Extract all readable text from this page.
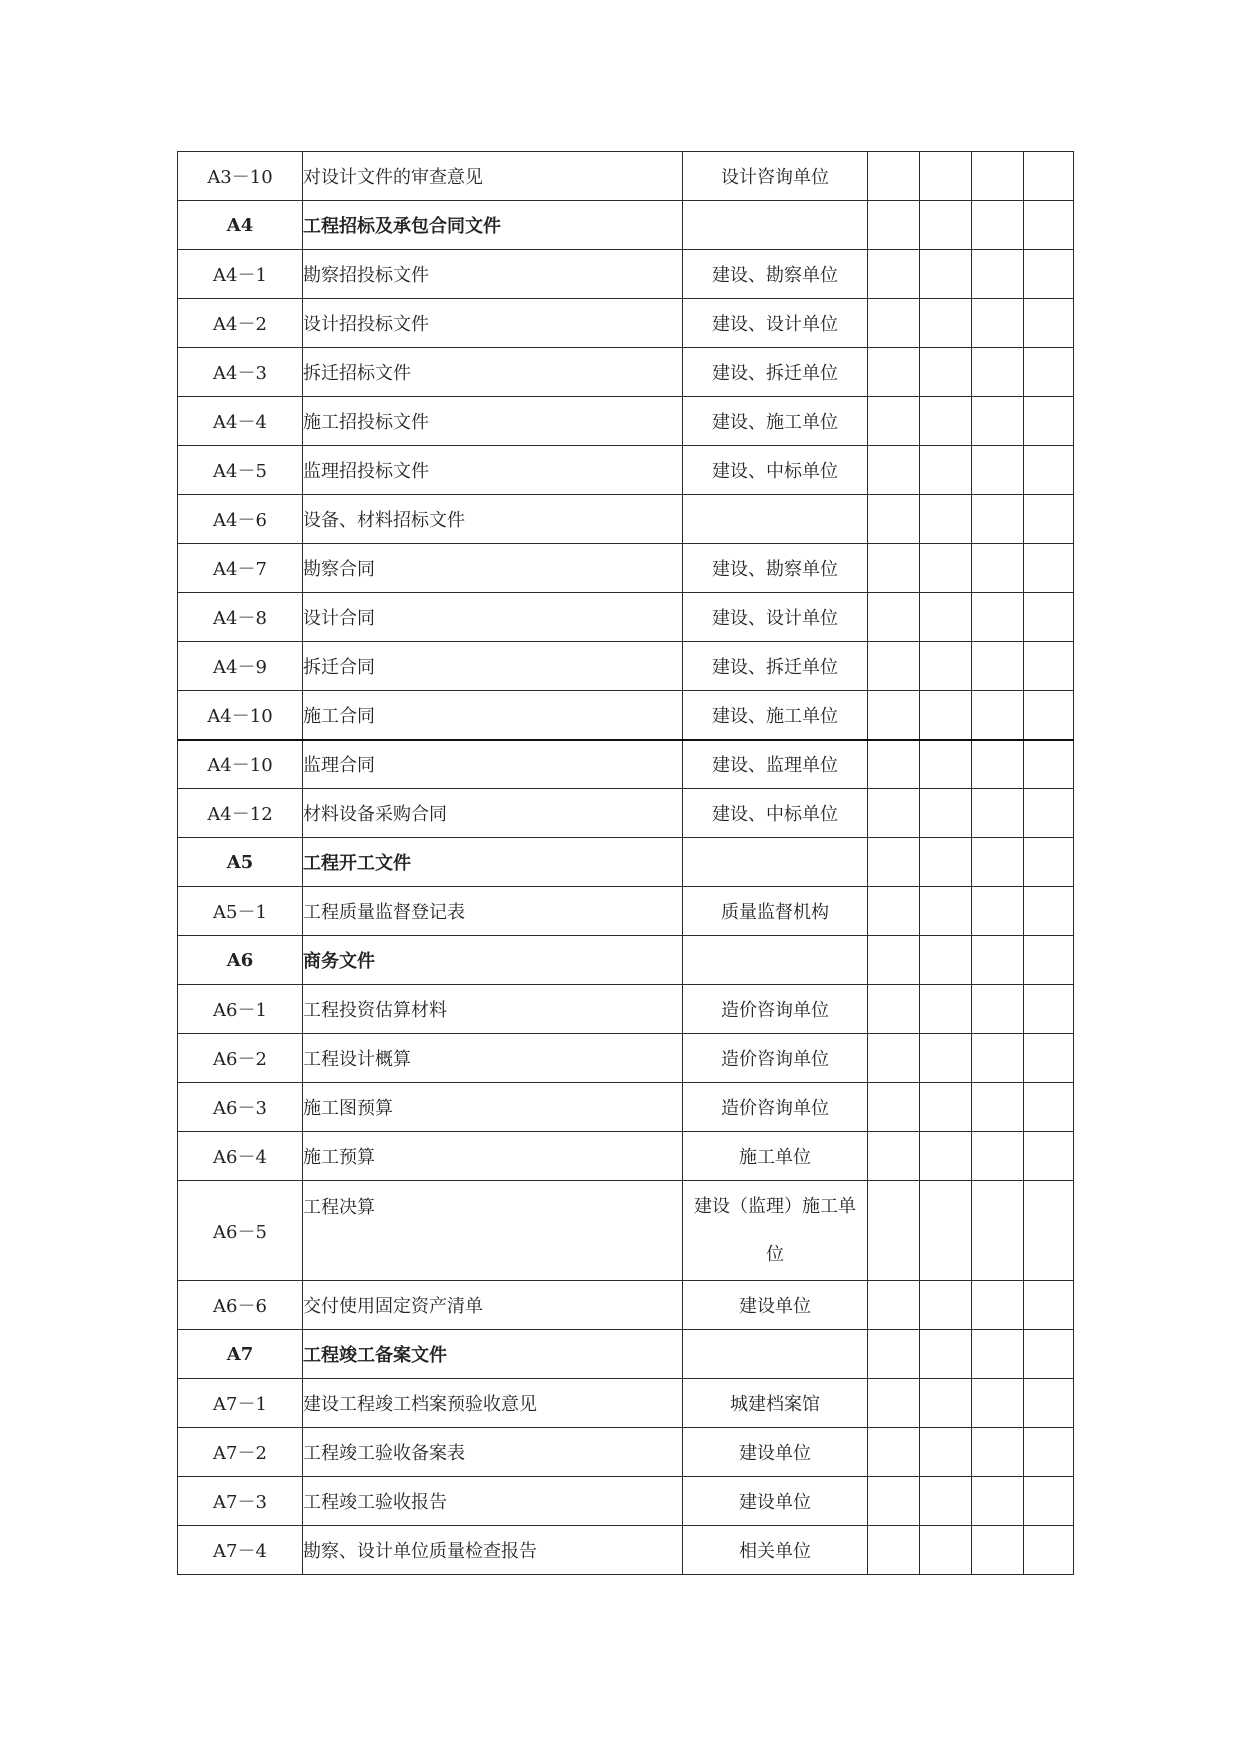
A3－10	对设计文件的审查意见	设计咨询单位				
A4	工程招标及承包合同文件					
A4－1	勘察招投标文件	建设、勘察单位				
A4－2	设计招投标文件	建设、设计单位				
A4－3	拆迁招标文件	建设、拆迁单位				
A4－4	施工招投标文件	建设、施工单位				
A4－5	监理招投标文件	建设、中标单位				
A4－6	设备、材料招标文件					
A4－7	勘察合同	建设、勘察单位				
A4－8	设计合同	建设、设计单位				
A4－9	拆迁合同	建设、拆迁单位				
A4－10	施工合同	建设、施工单位				
A4－10	监理合同	建设、监理单位				
A4－12	材料设备采购合同	建设、中标单位				
A5	工程开工文件					
A5－1	工程质量监督登记表	质量监督机构				
A6	商务文件					
A6－1	工程投资估算材料	造价咨询单位				
A6－2	工程设计概算	造价咨询单位				
A6－3	施工图预算	造价咨询单位				
A6－4	施工预算	施工单位				
A6－5	工程决算	建设（监理）施工单位				
A6－6	交付使用固定资产清单	建设单位				
A7	工程竣工备案文件					
A7－1	建设工程竣工档案预验收意见	城建档案馆				
A7－2	工程竣工验收备案表	建设单位				
A7－3	工程竣工验收报告	建设单位				
A7－4	勘察、设计单位质量检查报告	相关单位				
